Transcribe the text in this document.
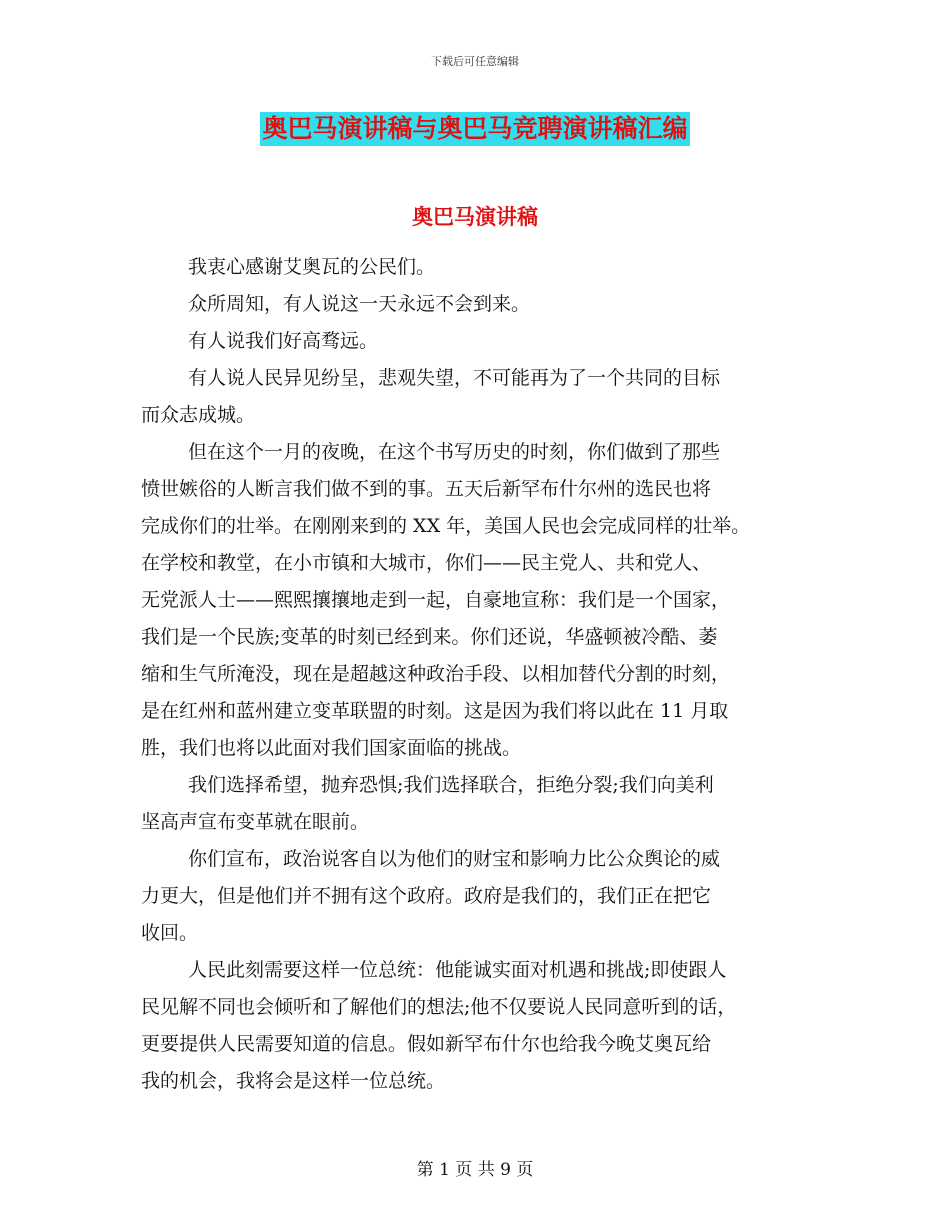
下载后可任意编辑
奥巴马演讲稿与奥巴马竞聘演讲稿汇编
奥巴马演讲稿
我衷心感谢艾奥瓦的公民们。
众所周知，有人说这一天永远不会到来。
有人说我们好高骛远。
有人说人民异见纷呈，悲观失望，不可能再为了一个共同的目标
而众志成城。
但在这个一月的夜晚，在这个书写历史的时刻，你们做到了那些
愤世嫉俗的人断言我们做不到的事。五天后新罕布什尔州的选民也将
完成你们的壮举。在刚刚来到的 XX 年，美国人民也会完成同样的壮举。
在学校和教堂，在小市镇和大城市，你们——民主党人、共和党人、
无党派人士——熙熙攘攘地走到一起，自豪地宣称：我们是一个国家，
我们是一个民族;变革的时刻已经到来。你们还说，华盛顿被冷酷、萎
缩和生气所淹没，现在是超越这种政治手段、以相加替代分割的时刻，
是在红州和蓝州建立变革联盟的时刻。这是因为我们将以此在 11 月取
胜，我们也将以此面对我们国家面临的挑战。
我们选择希望，抛弃恐惧;我们选择联合，拒绝分裂;我们向美利
坚高声宣布变革就在眼前。
你们宣布，政治说客自以为他们的财宝和影响力比公众舆论的威
力更大，但是他们并不拥有这个政府。政府是我们的，我们正在把它
收回。
人民此刻需要这样一位总统：他能诚实面对机遇和挑战;即使跟人
民见解不同也会倾听和了解他们的想法;他不仅要说人民同意听到的话，
更要提供人民需要知道的信息。假如新罕布什尔也给我今晚艾奥瓦给
我的机会，我将会是这样一位总统。
第 1 页 共 9 页
